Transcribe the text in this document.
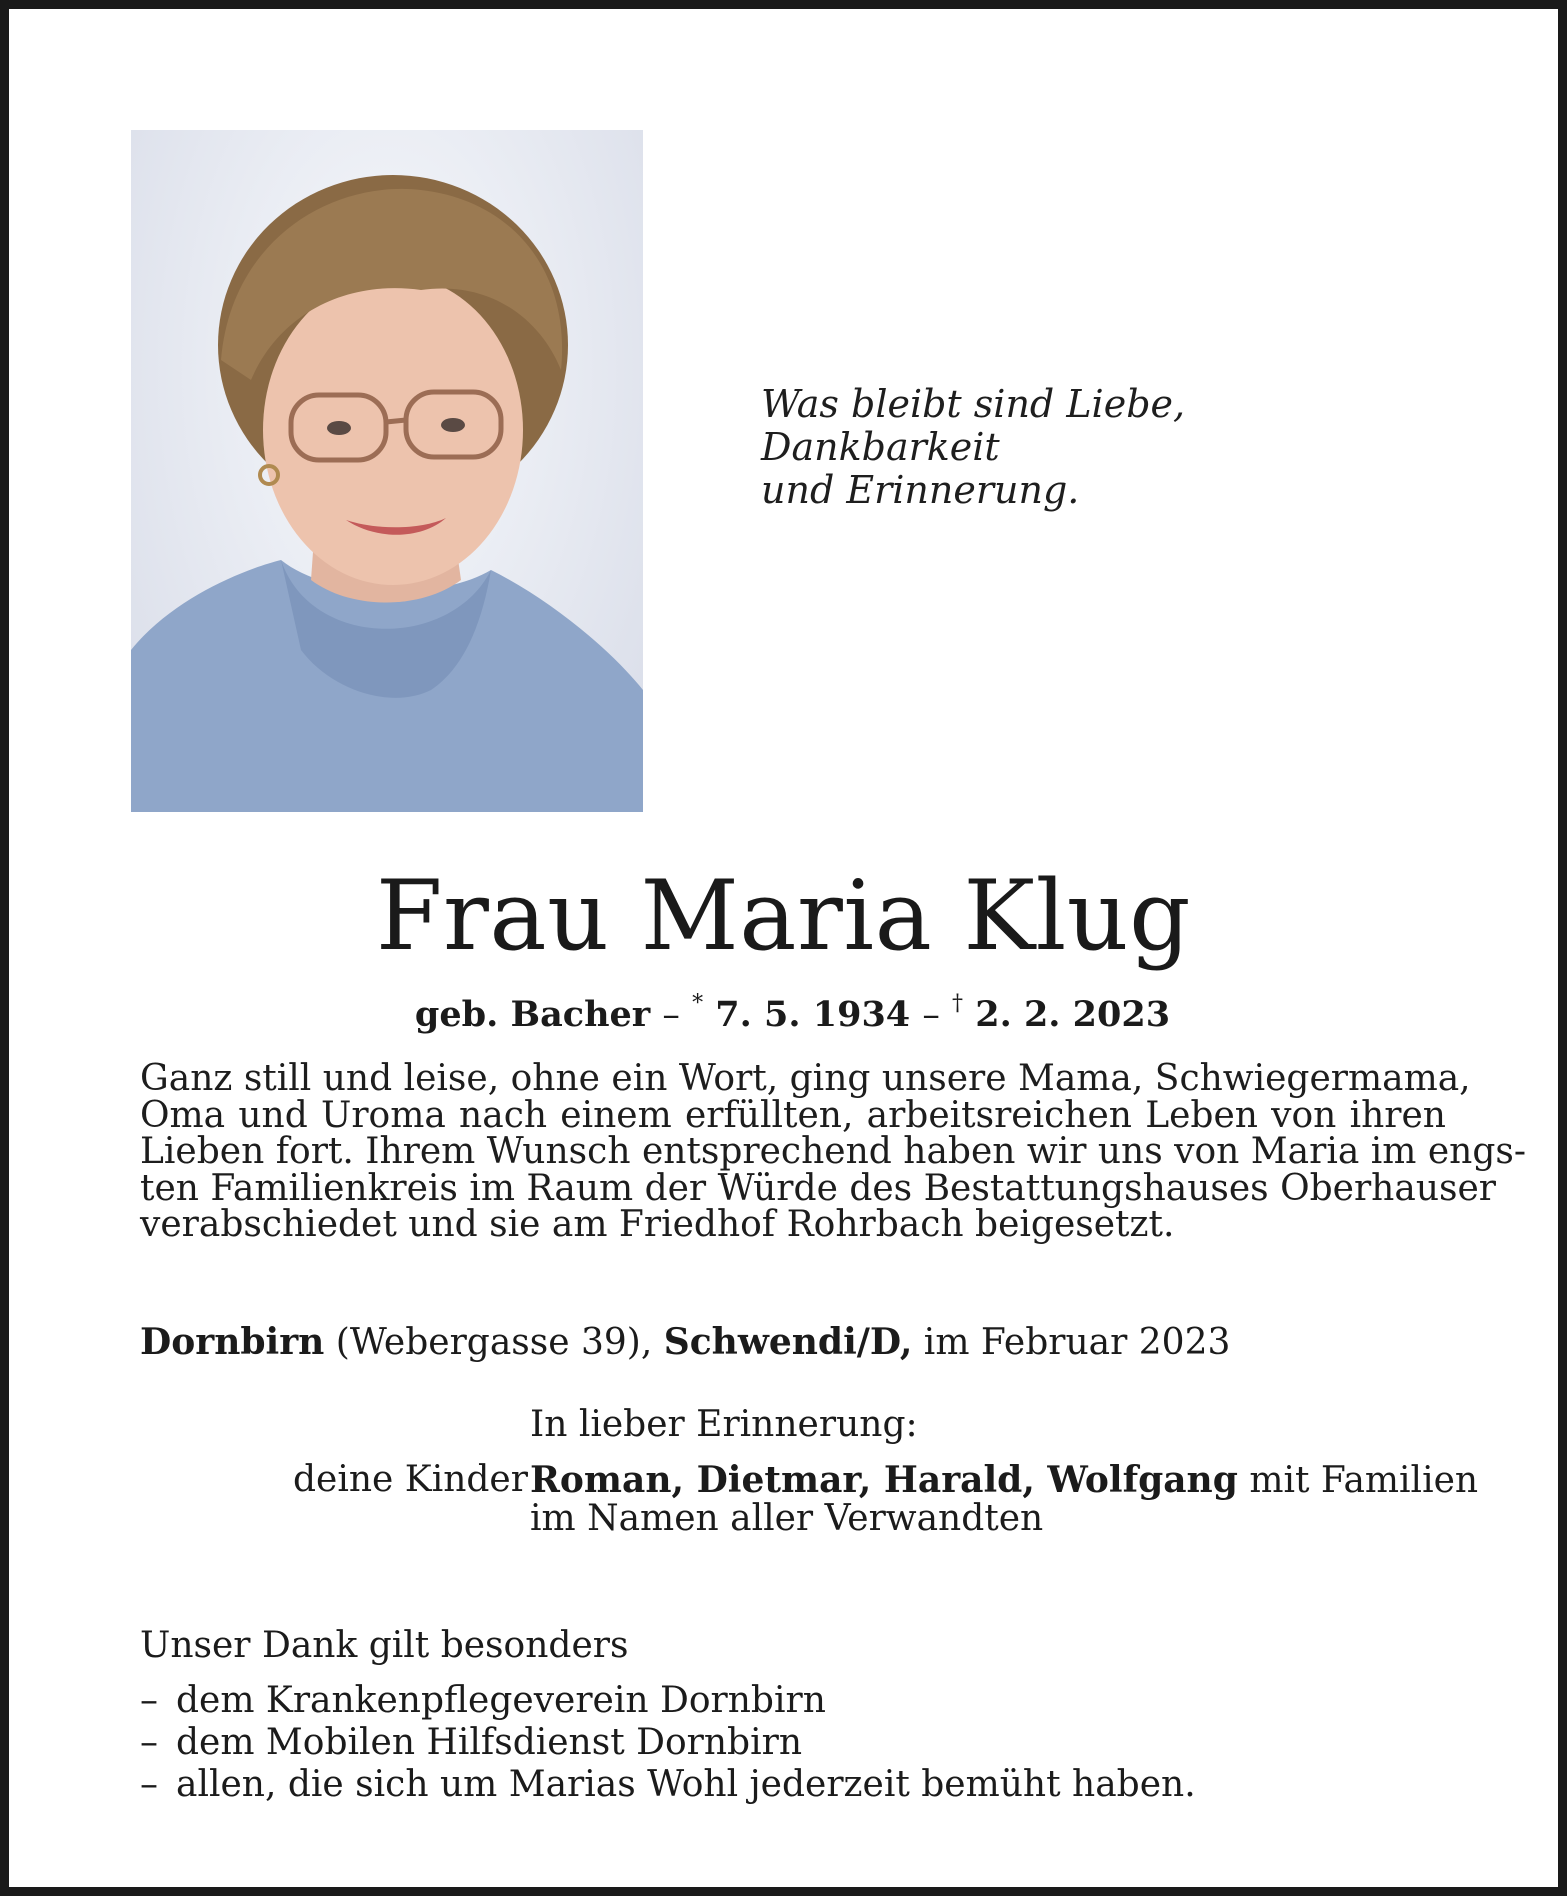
Was bleibt sind Liebe,
Dankbarkeit
und Erinnerung.
Frau Maria Klug
geb. Bacher – * 7. 5. 1934 – † 2. 2. 2023
Ganz still und leise, ohne ein Wort, ging unsere Mama, Schwiegermama,
Oma und Uroma nach einem erfüllten, arbeitsreichen Leben von ihren
Lieben fort. Ihrem Wunsch entsprechend haben wir uns von Maria im engs-
ten Familienkreis im Raum der Würde des Bestattungshauses Oberhauser
verabschiedet und sie am Friedhof Rohrbach beigesetzt.
Dornbirn (Webergasse 39), Schwendi/D, im Februar 2023
In lieber Erinnerung:
deine Kinder Roman, Dietmar, Harald, Wolfgang mit Familien
im Namen aller Verwandten
Unser Dank gilt besonders
– dem Krankenpflegeverein Dornbirn
– dem Mobilen Hilfsdienst Dornbirn
– allen, die sich um Marias Wohl jederzeit bemüht haben.
